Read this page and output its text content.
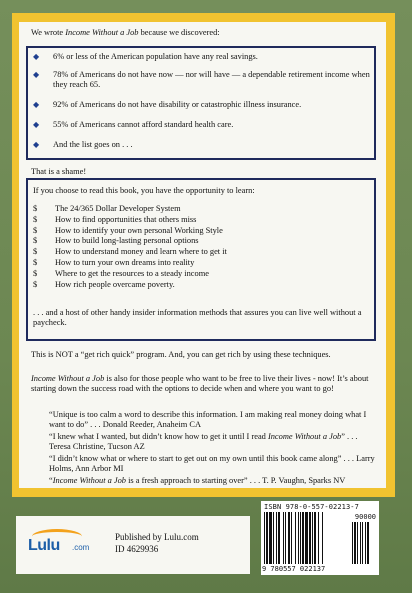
We wrote Income Without a Job because we discovered:
◆	6% or less of the American population have any real savings.
◆	78% of Americans do not have now — nor will have — a dependable retirement income when they reach 65.
◆	92% of Americans do not have disability or catastrophic illness insurance.
◆	55% of Americans cannot afford standard health care.
◆	And the list goes on . . .
That is a shame!
If you choose to read this book, you have the opportunity to learn:
$	The 24/365 Dollar Developer System
$	How to find opportunities that others miss
$	How to identify your own personal Working Style
$	How to build long-lasting personal options
$	How to understand money and learn where to get it
$	How to turn your own dreams into reality
$	Where to get the resources to a steady income
$	How rich people overcame poverty.
. . . and a host of other handy insider information methods that assures you can live well without a paycheck.
This is NOT a “get rich quick” program. And, you can get rich by using these techniques.
Income Without a Job is also for those people who want to be free to live their lives - now! It’s about starting down the success road with the options to decide when and where you want to go!
“Unique is too calm a word to describe this information. I am making real money doing what I want to do” . . . Donald Reeder, Anaheim CA
“I knew what I wanted, but didn’t know how to get it until I read Income Without a Job” . . . Teresa Christine, Tucson AZ
“I didn’t know what or where to start to get out on my own until this book came along” . . . Larry Holms, Ann Arbor MI
“Income Without a Job is a fresh approach to starting over” . . . T. P. Vaughn, Sparks NV
Lulu .com
Published by Lulu.com
ID 4629936
ISBN 978-0-557-02213-7
90000
9 780557 022137
